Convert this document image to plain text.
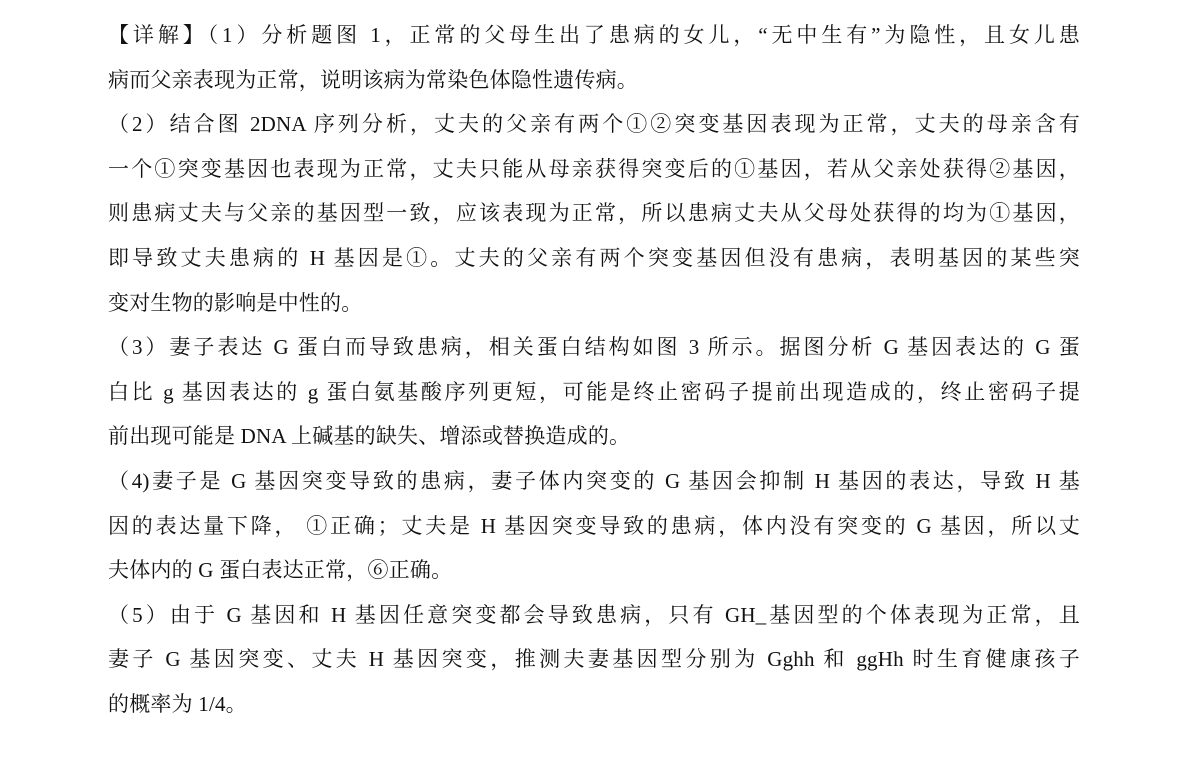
【详解】（1）分析题图 1，正常的父母生出了患病的女儿，“无中生有”为隐性，且女儿患
病而父亲表现为正常，说明该病为常染色体隐性遗传病。
（2）结合图 2DNA 序列分析，丈夫的父亲有两个①②突变基因表现为正常，丈夫的母亲含有
一个①突变基因也表现为正常，丈夫只能从母亲获得突变后的①基因，若从父亲处获得②基因，
则患病丈夫与父亲的基因型一致，应该表现为正常，所以患病丈夫从父母处获得的均为①基因，
即导致丈夫患病的 H 基因是①。丈夫的父亲有两个突变基因但没有患病，表明基因的某些突
变对生物的影响是中性的。
（3）妻子表达 G 蛋白而导致患病，相关蛋白结构如图 3 所示。据图分析 G 基因表达的 G 蛋
白比 g 基因表达的 g 蛋白氨基酸序列更短，可能是终止密码子提前出现造成的，终止密码子提
前出现可能是 DNA 上碱基的缺失、增添或替换造成的。
（4)妻子是 G 基因突变导致的患病，妻子体内突变的 G 基因会抑制 H 基因的表达，导致 H 基
因的表达量下降， ①正确；丈夫是 H 基因突变导致的患病，体内没有突变的 G 基因，所以丈
夫体内的 G 蛋白表达正常，⑥正确。
（5）由于 G 基因和 H 基因任意突变都会导致患病，只有 GH_基因型的个体表现为正常，且
妻子 G 基因突变、丈夫 H 基因突变，推测夫妻基因型分别为 Gghh 和 ggHh 时生育健康孩子
的概率为 1/4。
